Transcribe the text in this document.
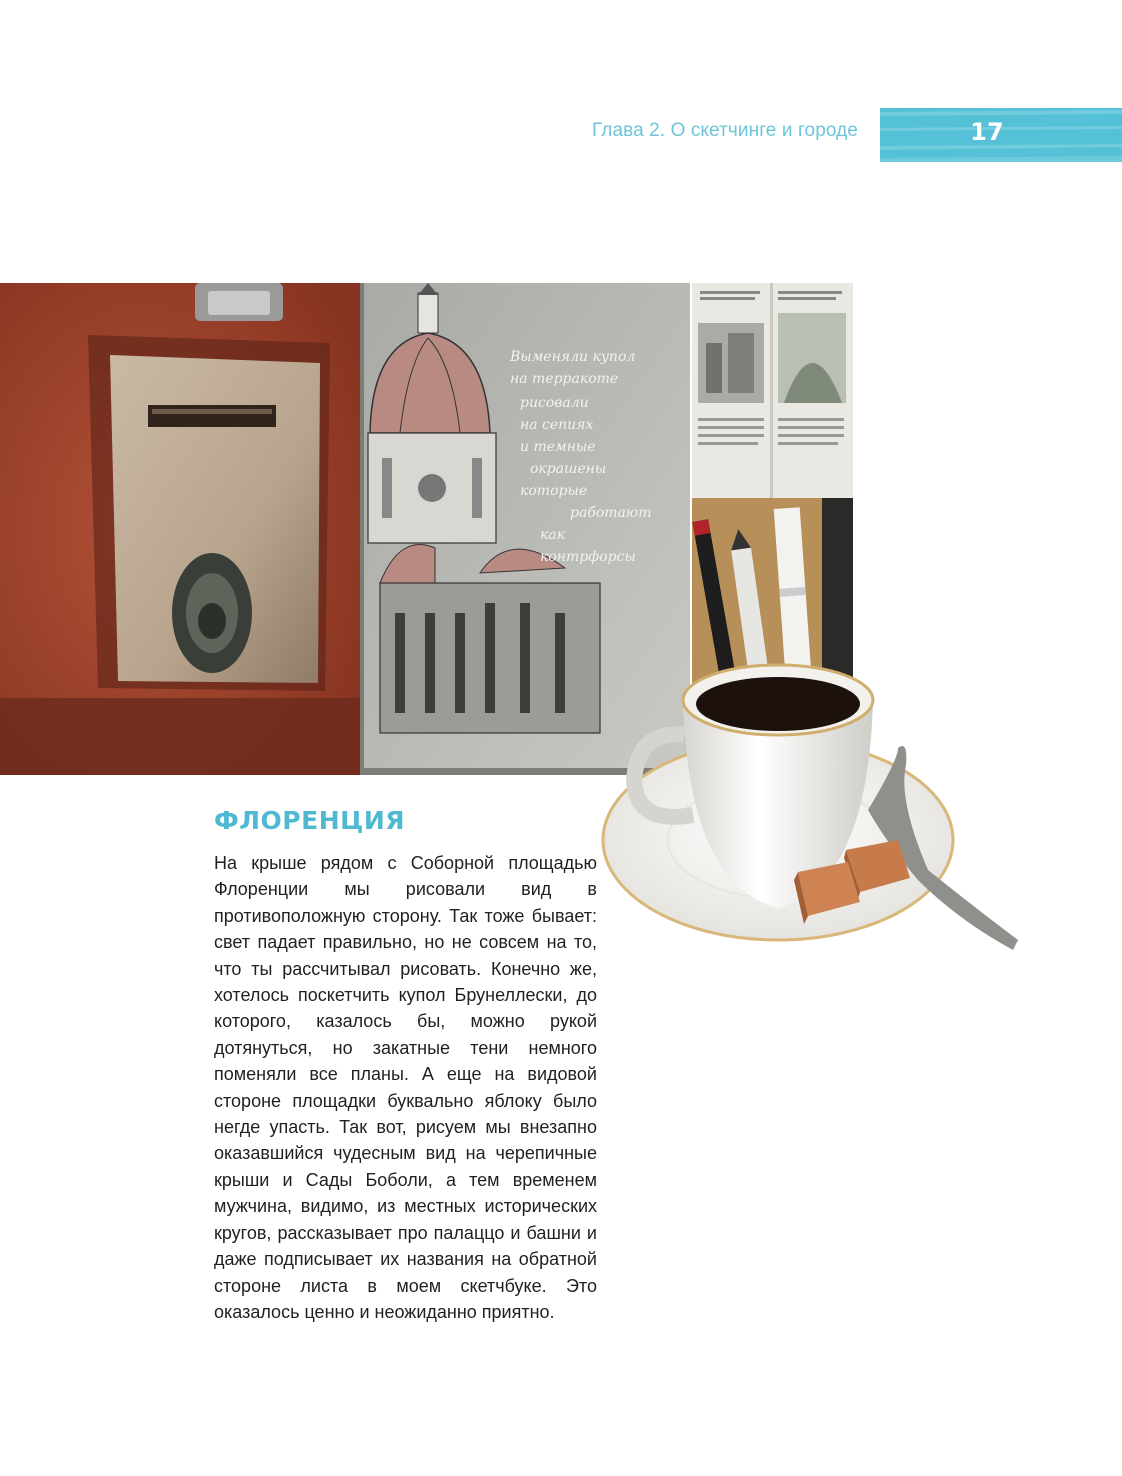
Глава 2. О скетчинге и городе	17
Выменяли купол
на терракоте
рисовали
на сепиях
и темные
окрашены
которые
работают
как
контрфорсы
ФЛОРЕНЦИЯ

На крыше рядом с Соборной площадью Флоренции мы рисовали вид в противоположную сторону. Так тоже бывает: свет падает правильно, но не совсем на то, что ты рассчитывал рисовать. Конечно же, хотелось поскетчить купол Брунеллески, до которого, казалось бы, можно рукой дотянуться, но закатные тени немного поменяли все планы. А еще на видовой стороне площадки буквально яблоку было негде упасть. Так вот, рисуем мы внезапно оказавшийся чудесным вид на черепичные крыши и Сады Боболи, а тем временем мужчина, видимо, из местных исторических кругов, рассказывает про палаццо и башни и даже подписывает их названия на обратной стороне листа в моем скетчбуке. Это оказалось ценно и неожиданно приятно.
